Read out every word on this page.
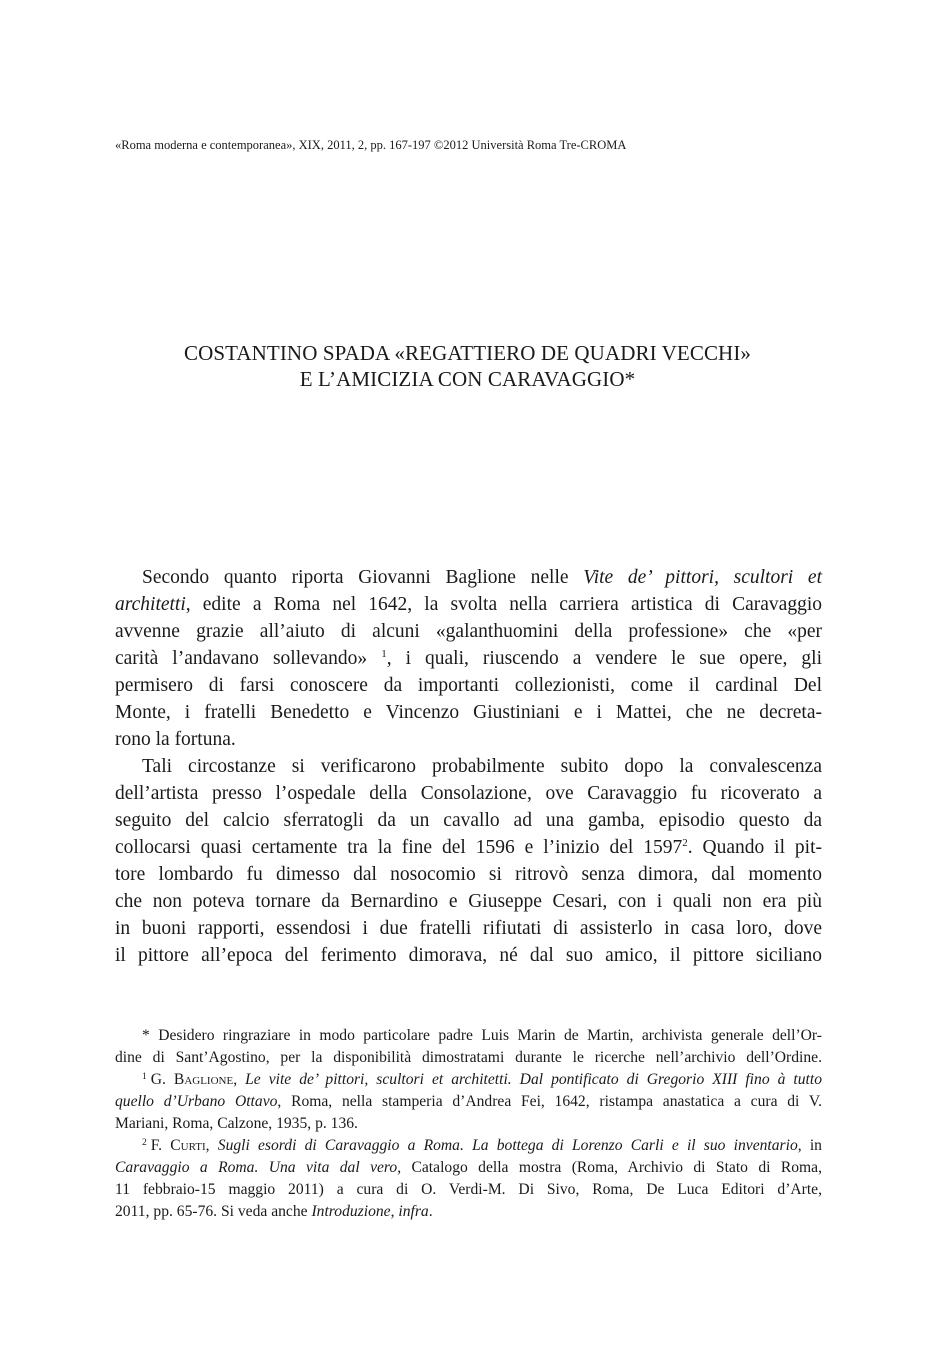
«Roma moderna e contemporanea», XIX, 2011, 2, pp. 167-197 ©2012 Università Roma Tre-CROMA
COSTANTINO SPADA «REGATTIERO DE QUADRI VECCHI»
E L’AMICIZIA CON CARAVAGGIO*
Secondo quanto riporta Giovanni Baglione nelle Vite de’ pittori, scultori et
architetti, edite a Roma nel 1642, la svolta nella carriera artistica di Caravaggio
avvenne grazie all’aiuto di alcuni «galanthuomini della professione» che «per
carità l’andavano sollevando» $^1$, i quali, riuscendo a vendere le sue opere, gli
permisero di farsi conoscere da importanti collezionisti, come il cardinal Del
Monte, i fratelli Benedetto e Vincenzo Giustiniani e i Mattei, che ne decreta-
rono la fortuna.
Tali circostanze si verificarono probabilmente subito dopo la convalescenza
dell’artista presso l’ospedale della Consolazione, ove Caravaggio fu ricoverato a
seguito del calcio sferratogli da un cavallo ad una gamba, episodio questo da
collocarsi quasi certamente tra la fine del 1596 e l’inizio del 1597$^2$. Quando il pit-
tore lombardo fu dimesso dal nosocomio si ritrovò senza dimora, dal momento
che non poteva tornare da Bernardino e Giuseppe Cesari, con i quali non era più
in buoni rapporti, essendosi i due fratelli rifiutati di assisterlo in casa loro, dove
il pittore all’epoca del ferimento dimorava, né dal suo amico, il pittore siciliano
* Desidero ringraziare in modo particolare padre Luis Marin de Martin, archivista generale dell’Or-
dine di Sant’Agostino, per la disponibilità dimostratami durante le ricerche nell’archivio dell’Ordine.
$^1$ G. Baglione, Le vite de’ pittori, scultori et architetti. Dal pontificato di Gregorio XIII fino à tutto
quello d’Urbano Ottavo, Roma, nella stamperia d’Andrea Fei, 1642, ristampa anastatica a cura di V.
Mariani, Roma, Calzone, 1935, p. 136.
$^2$ F. Curti, Sugli esordi di Caravaggio a Roma. La bottega di Lorenzo Carli e il suo inventario, in
Caravaggio a Roma. Una vita dal vero, Catalogo della mostra (Roma, Archivio di Stato di Roma,
11 febbraio-15 maggio 2011) a cura di O. Verdi-M. Di Sivo, Roma, De Luca Editori d’Arte,
2011, pp. 65-76. Si veda anche Introduzione, infra.
